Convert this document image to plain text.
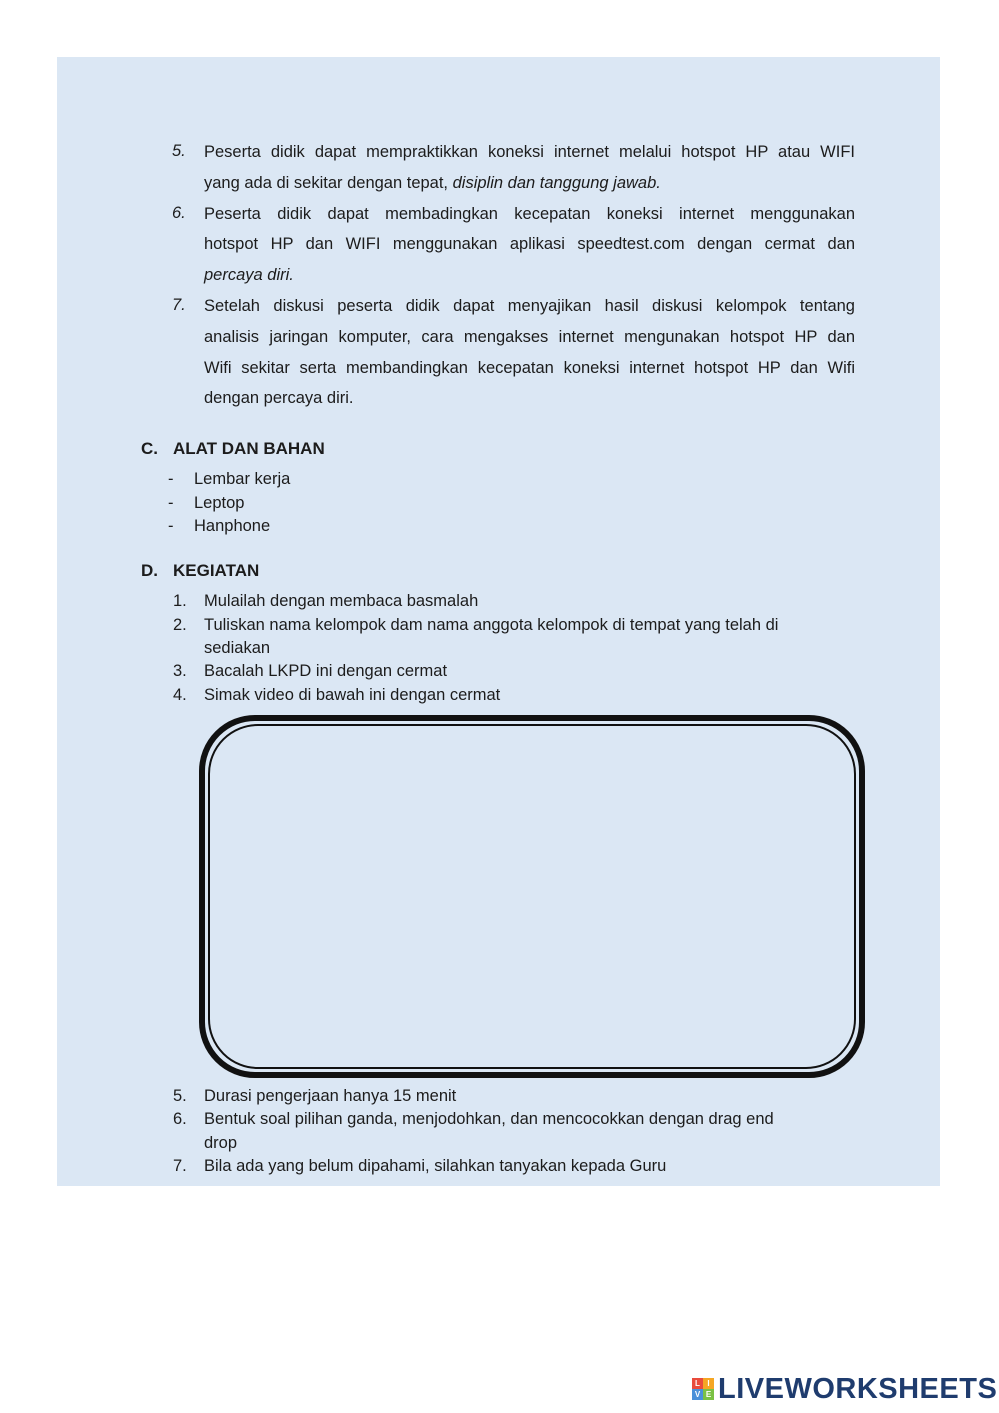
5. Peserta didik dapat mempraktikkan koneksi internet melalui hotspot HP atau WIFI
yang ada di sekitar dengan tepat, disiplin dan tanggung jawab.
6. Peserta didik dapat membadingkan kecepatan koneksi internet menggunakan
hotspot HP dan WIFI menggunakan aplikasi speedtest.com dengan cermat dan
percaya diri.
7. Setelah diskusi peserta didik dapat menyajikan hasil diskusi kelompok tentang
analisis jaringan komputer, cara mengakses internet mengunakan hotspot HP dan
Wifi sekitar serta membandingkan kecepatan koneksi internet hotspot HP dan Wifi
dengan percaya diri.
C. ALAT DAN BAHAN
- Lembar kerja
- Leptop
- Hanphone
D. KEGIATAN
1. Mulailah dengan membaca basmalah
2. Tuliskan nama kelompok dam nama anggota kelompok di tempat yang telah di
sediakan
3. Bacalah LKPD ini dengan cermat
4. Simak video di bawah ini dengan cermat
5. Durasi pengerjaan hanya 15 menit
6. Bentuk soal pilihan ganda, menjodohkan, dan mencocokkan dengan drag end
drop
7. Bila ada yang belum dipahami, silahkan tanyakan kepada Guru
L I
V E LIVEWORKSHEETS
